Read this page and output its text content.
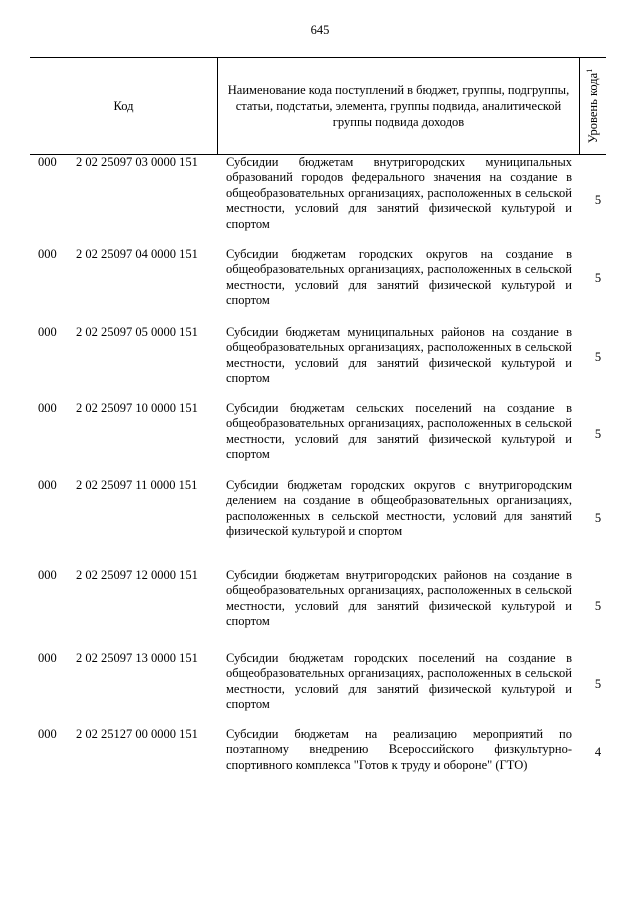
645
Код
Наименование кода поступлений в бюджет, группы, подгруппы, статьи, подстатьи, элемента, группы подвида, аналитической группы подвида доходов	Уровень кода$^1$
000 2 02 25097 03 0000 151 Субсидии бюджетам внутригородских муниципальных образований городов федерального значения на создание в общеобразовательных организациях, расположенных в сельской местности, условий для занятий физической культурой и спортом
5
000 2 02 25097 04 0000 151 Субсидии бюджетам городских округов на создание в общеобразовательных организациях, расположенных в сельской местности, условий для занятий физической культурой и спортом
5
000 2 02 25097 05 0000 151 Субсидии бюджетам муниципальных районов на создание в общеобразовательных организациях, расположенных в сельской местности, условий для занятий физической культурой и спортом
5
000 2 02 25097 10 0000 151 Субсидии бюджетам сельских поселений на создание в общеобразовательных организациях, расположенных в сельской местности, условий для занятий физической культурой и спортом
5
000 2 02 25097 11 0000 151 Субсидии бюджетам городских округов с внутригородским делением на создание в общеобразовательных организациях, расположенных в сельской местности, условий для занятий физической культурой и спортом
5
000 2 02 25097 12 0000 151 Субсидии бюджетам внутригородских районов на создание в общеобразовательных организациях, расположенных в сельской местности, условий для занятий физической культурой и спортом
5
000 2 02 25097 13 0000 151 Субсидии бюджетам городских поселений на создание в общеобразовательных организациях, расположенных в сельской местности, условий для занятий физической культурой и спортом
5
000 2 02 25127 00 0000 151 Субсидии бюджетам на реализацию мероприятий по поэтапному внедрению Всероссийского физкультурно-спортивного комплекса "Готов к труду и обороне" (ГТО)
4
